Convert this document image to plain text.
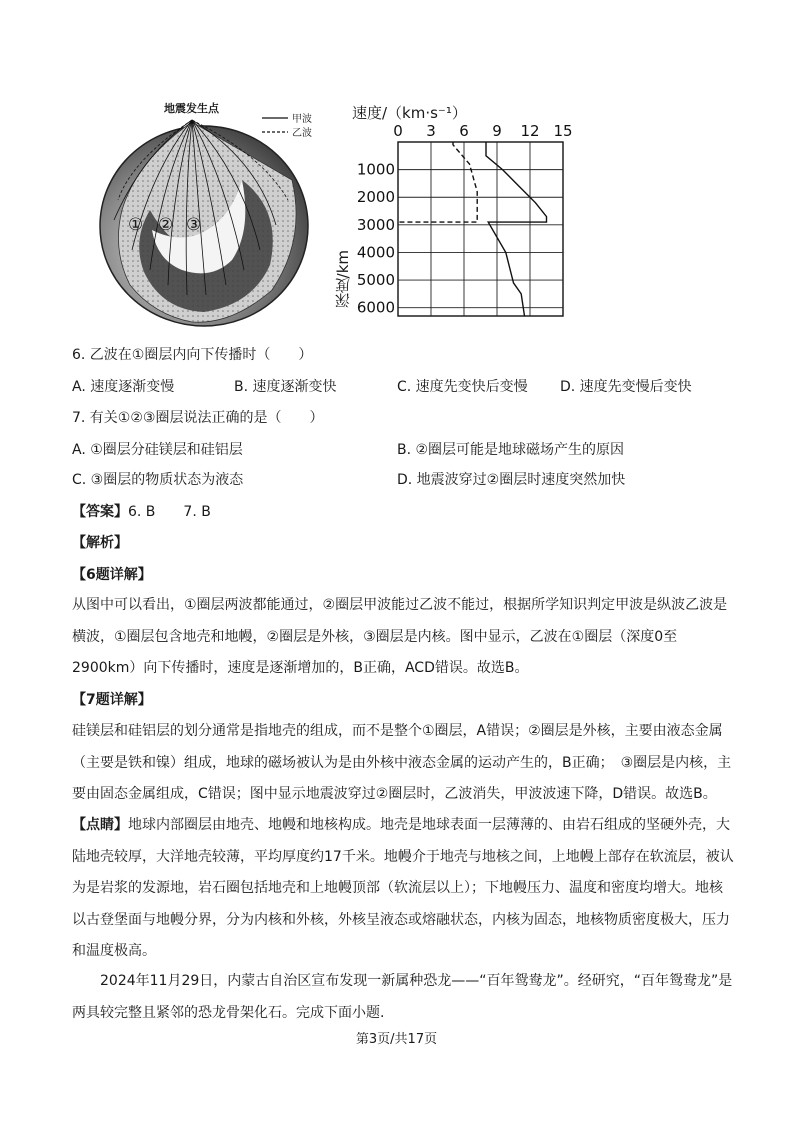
地震发生点
甲波
乙波
① ② ③
速度/（km·s⁻¹）
0 3 6 9 12 15
1000
2000
3000
4000
5000
6000
深度/km
6. 乙波在①圈层内向下传播时（　　）
A. 速度逐渐变慢	B. 速度逐渐变快	C. 速度先变快后变慢 D. 速度先变慢后变快
7. 有关①②③圈层说法正确的是（　　）
A. ①圈层分硅镁层和硅铝层	B. ②圈层可能是地球磁场产生的原因
C. ③圈层的物质状态为液态	D. 地震波穿过②圈层时速度突然加快
【答案】6. B　　7. B
【解析】
【6题详解】
从图中可以看出，①圈层两波都能通过，②圈层甲波能过乙波不能过，根据所学知识判定甲波是纵波乙波是横波，①圈层包含地壳和地幔，②圈层是外核，③圈层是内核。图中显示，乙波在①圈层（深度0至2900km）向下传播时，速度是逐渐增加的，B正确，ACD错误。故选B。
【7题详解】
硅镁层和硅铝层的划分通常是指地壳的组成，而不是整个①圈层，A错误；②圈层是外核，主要由液态金属（主要是铁和镍）组成，地球的磁场被认为是由外核中液态金属的运动产生的，B正确；　③圈层是内核，主要由固态金属组成，C错误；图中显示地震波穿过②圈层时，乙波消失，甲波波速下降，D错误。故选B。
【点睛】地球内部圈层由地壳、地幔和地核构成。地壳是地球表面一层薄薄的、由岩石组成的坚硬外壳，大陆地壳较厚，大洋地壳较薄，平均厚度约17千米。地幔介于地壳与地核之间，上地幔上部存在软流层，被认为是岩浆的发源地，岩石圈包括地壳和上地幔顶部（软流层以上）；下地幔压力、温度和密度均增大。地核以古登堡面与地幔分界，分为内核和外核，外核呈液态或熔融状态，内核为固态，地核物质密度极大，压力和温度极高。
2024年11月29日，内蒙古自治区宣布发现一新属种恐龙——“百年鸳鸯龙”。经研究，“百年鸳鸯龙”是两具较完整且紧邻的恐龙骨架化石。完成下面小题.
第3页/共17页
